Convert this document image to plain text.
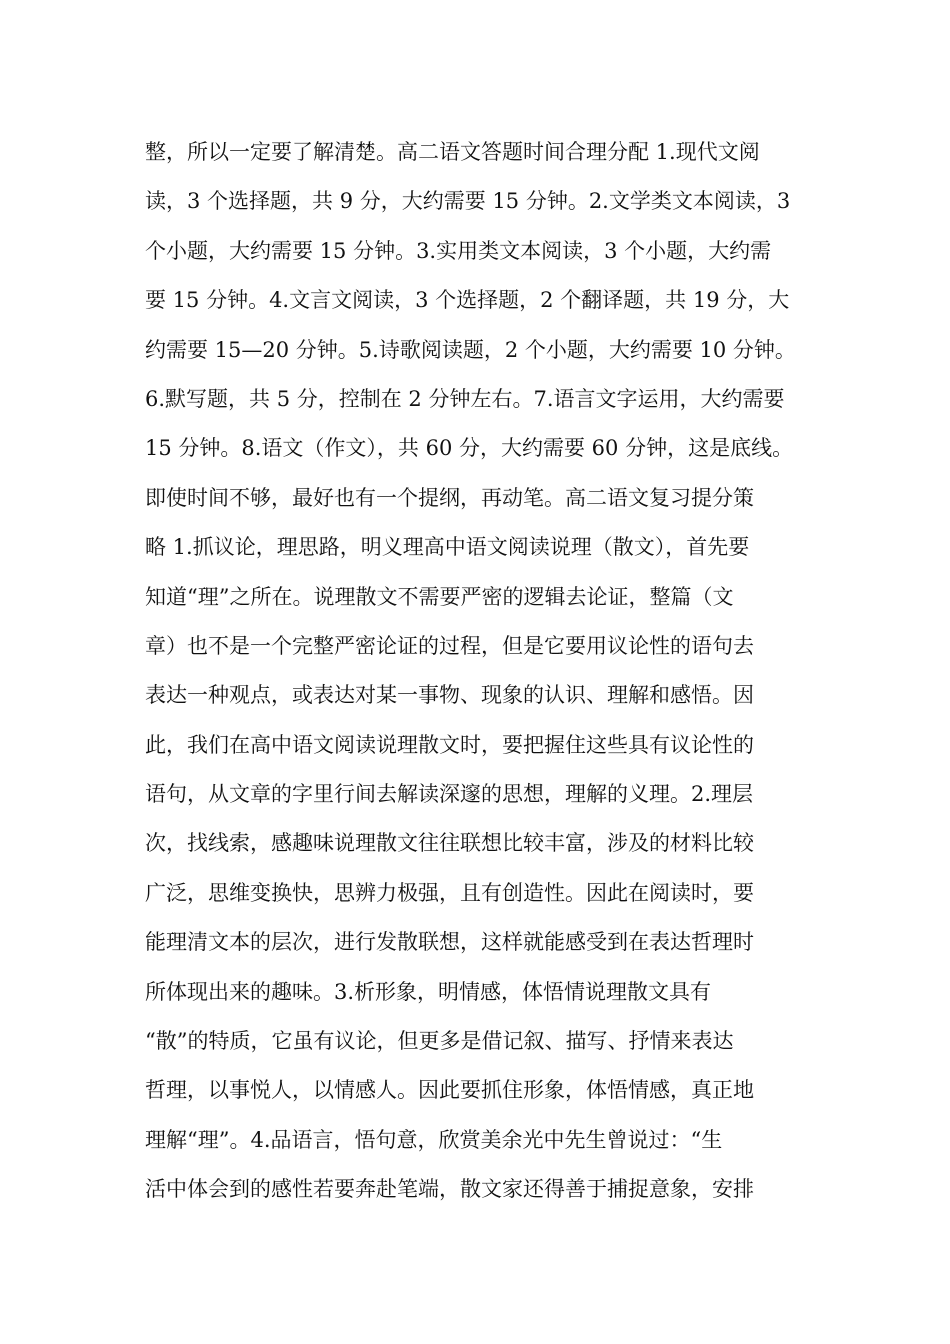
整，所以一定要了解清楚。高二语文答题时间合理分配 1.现代文阅
读，3 个选择题，共 9 分，大约需要 15 分钟。2.文学类文本阅读，3
个小题，大约需要 15 分钟。3.实用类文本阅读，3 个小题，大约需
要 15 分钟。4.文言文阅读，3 个选择题，2 个翻译题，共 19 分，大
约需要 15—20 分钟。5.诗歌阅读题，2 个小题，大约需要 10 分钟。
6.默写题，共 5 分，控制在 2 分钟左右。7.语言文字运用，大约需要
15 分钟。8.语文（作文），共 60 分，大约需要 60 分钟，这是底线。
即使时间不够，最好也有一个提纲，再动笔。高二语文复习提分策
略 1.抓议论，理思路，明义理高中语文阅读说理（散文），首先要
知道“理”之所在。说理散文不需要严密的逻辑去论证，整篇（文
章）也不是一个完整严密论证的过程，但是它要用议论性的语句去
表达一种观点，或表达对某一事物、现象的认识、理解和感悟。因
此，我们在高中语文阅读说理散文时，要把握住这些具有议论性的
语句，从文章的字里行间去解读深邃的思想，理解的义理。2.理层
次，找线索，感趣味说理散文往往联想比较丰富，涉及的材料比较
广泛，思维变换快，思辨力极强，且有创造性。因此在阅读时，要
能理清文本的层次，进行发散联想，这样就能感受到在表达哲理时
所体现出来的趣味。3.析形象，明情感，体悟情说理散文具有
“散”的特质，它虽有议论，但更多是借记叙、描写、抒情来表达
哲理，以事悦人，以情感人。因此要抓住形象，体悟情感，真正地
理解“理”。4.品语言，悟句意，欣赏美余光中先生曾说过：“生
活中体会到的感性若要奔赴笔端，散文家还得善于捕捉意象，安排
